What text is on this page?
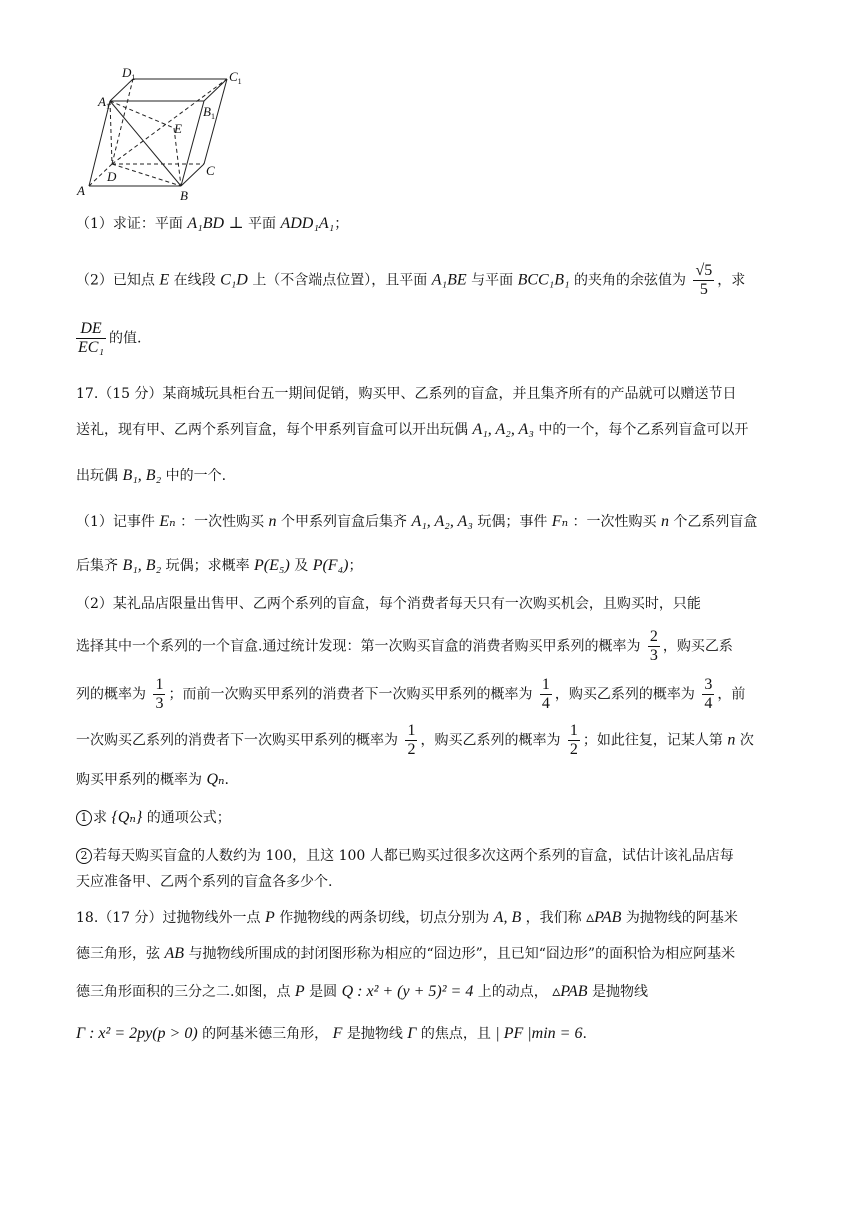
A	B
C
D
$A_1$	$B_1$
$C_1$
$D_1$
E
（1）求证：平面 A₁BD ⊥ 平面 ADD₁A₁；
（2）已知点 E 在线段 C₁D 上（不含端点位置），且平面 A₁BE 与平面 BCC₁B₁ 的夹角的余弦值为 $\frac{√5}{5}$ ，求
$\frac{DE}{\text{EC₁}}$ 的值.
17.（15 分）某商城玩具柜台五一期间促销，购买甲、乙系列的盲盒，并且集齐所有的产品就可以赠送节日
送礼，现有甲、乙两个系列盲盒，每个甲系列盲盒可以开出玩偶 A₁, A₂, A₃ 中的一个，每个乙系列盲盒可以开
出玩偶 B₁, B₂ 中的一个.
（1）记事件 Eₙ ：一次性购买 n 个甲系列盲盒后集齐 A₁, A₂, A₃ 玩偶；事件 Fₙ ：一次性购买 n 个乙系列盲盒
后集齐 B₁, B₂ 玩偶；求概率 P(E₅) 及 P(F₄)；
（2）某礼品店限量出售甲、乙两个系列的盲盒，每个消费者每天只有一次购买机会，且购买时，只能
选择其中一个系列的一个盲盒.通过统计发现：第一次购买盲盒的消费者购买甲系列的概率为 $\frac{2}{3}$ ，购买乙系
列的概率为 $\frac{1}{3}$ ；而前一次购买甲系列的消费者下一次购买甲系列的概率为 $\frac{1}{4}$ ，购买乙系列的概率为 $\frac{3}{4}$ ，前
一次购买乙系列的消费者下一次购买甲系列的概率为 $\frac{1}{2}$ ，购买乙系列的概率为 $\frac{1}{2}$ ；如此往复，记某人第 n 次
购买甲系列的概率为 Qₙ.
1 求 {Qₙ} 的通项公式；
2 若每天购买盲盒的人数约为 100，且这 100 人都已购买过很多次这两个系列的盲盒，试估计该礼品店每
天应准备甲、乙两个系列的盲盒各多少个.
18.（17 分）过抛物线外一点 P 作抛物线的两条切线，切点分别为 A, B ，我们称 ▵PAB 为抛物线的阿基米
德三角形，弦 AB 与抛物线所围成的封闭图形称为相应的“囧边形”，且已知“囧边形”的面积恰为相应阿基米
德三角形面积的三分之二.如图，点 P 是圆 Q : x² + (y + 5)² = 4 上的动点， ▵PAB 是抛物线
Γ : x² = 2py(p > 0) 的阿基米德三角形， F 是抛物线 Γ 的焦点，且 | PF |min = 6.
